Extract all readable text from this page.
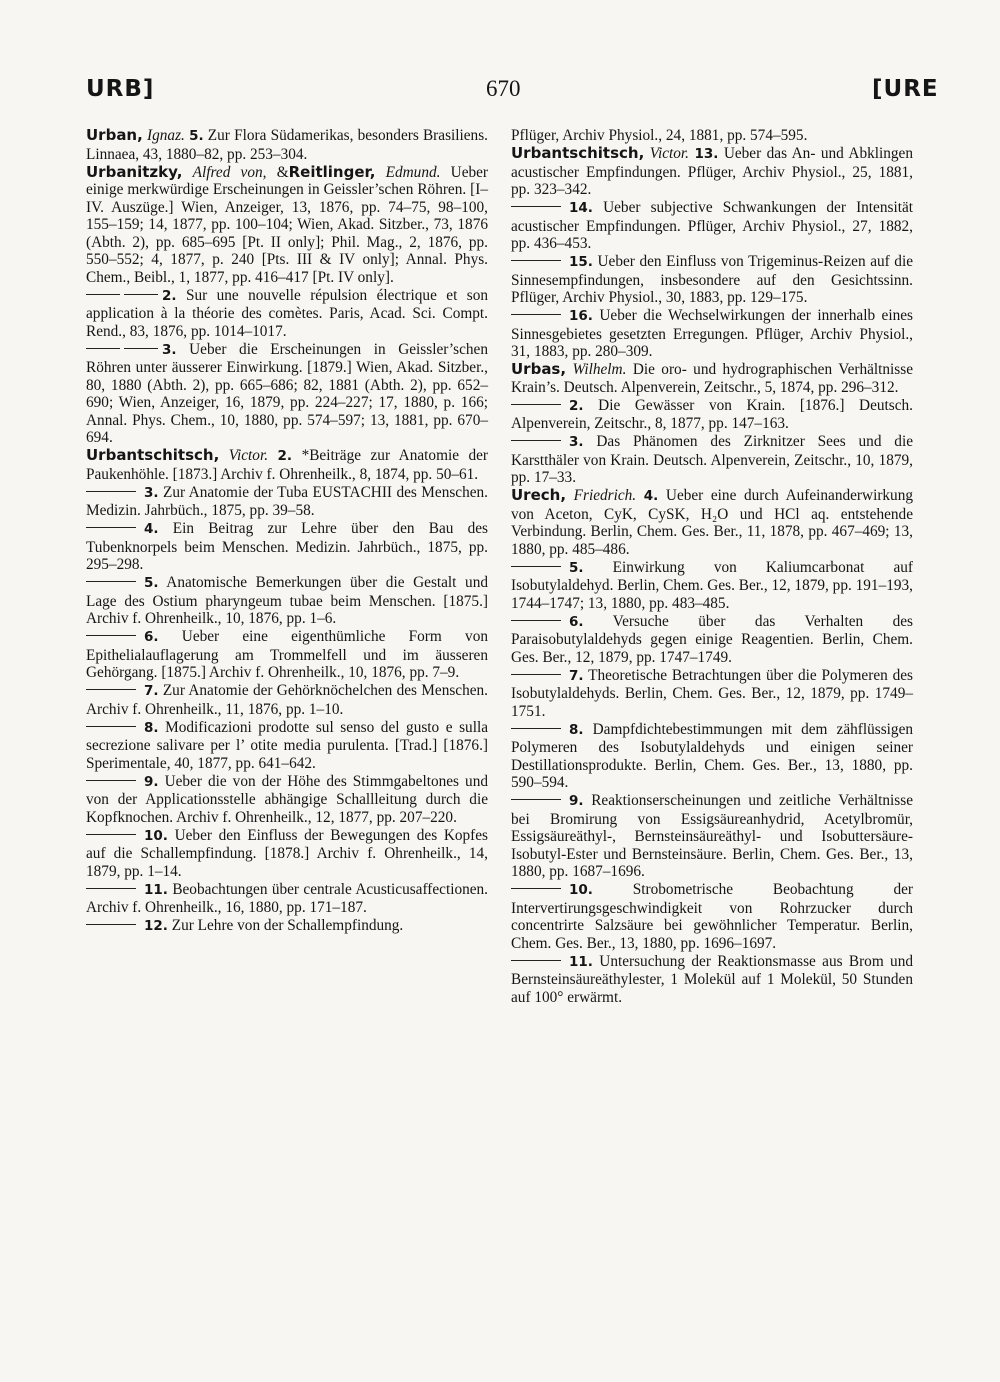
URB]	670	[URE
Urban, Ignaz. 5. Zur Flora Südamerikas, besonders Brasiliens. Linnaea, 43, 1880–82, pp. 253–304.
Urbanitzky, Alfred von, &Reitlinger, Edmund. Ueber einige merkwürdige Erscheinungen in Geissler’schen Röhren. [I–IV. Auszüge.] Wien, Anzeiger, 13, 1876, pp. 74–75, 98–100, 155–159; 14, 1877, pp. 100–104; Wien, Akad. Sitzber., 73, 1876 (Abth. 2), pp. 685–695 [Pt. II only]; Phil. Mag., 2, 1876, pp. 550–552; 4, 1877, p. 240 [Pts. III & IV only]; Annal. Phys. Chem., Beibl., 1, 1877, pp. 416–417 [Pt. IV only].
2. Sur une nouvelle répulsion électrique et son application à la théorie des comètes. Paris, Acad. Sci. Compt. Rend., 83, 1876, pp. 1014–1017.
3. Ueber die Erscheinungen in Geissler’schen Röhren unter äusserer Einwirkung. [1879.] Wien, Akad. Sitzber., 80, 1880 (Abth. 2), pp. 665–686; 82, 1881 (Abth. 2), pp. 652–690; Wien, Anzeiger, 16, 1879, pp. 224–227; 17, 1880, p. 166; Annal. Phys. Chem., 10, 1880, pp. 574–597; 13, 1881, pp. 670–694.
Urbantschitsch, Victor. 2. *Beiträge zur Anatomie der Paukenhöhle. [1873.] Archiv f. Ohrenheilk., 8, 1874, pp. 50–61.
3. Zur Anatomie der Tuba EUSTACHII des Menschen. Medizin. Jahrbüch., 1875, pp. 39–58.
4. Ein Beitrag zur Lehre über den Bau des Tubenknorpels beim Menschen. Medizin. Jahrbüch., 1875, pp. 295–298.
5. Anatomische Bemerkungen über die Gestalt und Lage des Ostium pharyngeum tubae beim Menschen. [1875.] Archiv f. Ohrenheilk., 10, 1876, pp. 1–6.
6. Ueber eine eigenthümliche Form von Epithelialauflagerung am Trommelfell und im äusseren Gehörgang. [1875.] Archiv f. Ohrenheilk., 10, 1876, pp. 7–9.
7. Zur Anatomie der Gehörknöchelchen des Menschen. Archiv f. Ohrenheilk., 11, 1876, pp. 1–10.
8. Modificazioni prodotte sul senso del gusto e sulla secrezione salivare per l’ otite media purulenta. [Trad.] [1876.] Sperimentale, 40, 1877, pp. 641–642.
9. Ueber die von der Höhe des Stimmgabeltones und von der Applicationsstelle abhängige Schallleitung durch die Kopfknochen. Archiv f. Ohrenheilk., 12, 1877, pp. 207–220.
10. Ueber den Einfluss der Bewegungen des Kopfes auf die Schallempfindung. [1878.] Archiv f. Ohrenheilk., 14, 1879, pp. 1–14.
11. Beobachtungen über centrale Acusticusaffectionen. Archiv f. Ohrenheilk., 16, 1880, pp. 171–187.
12. Zur Lehre von der Schallempfindung.
Pflüger, Archiv Physiol., 24, 1881, pp. 574–595.
Urbantschitsch, Victor. 13. Ueber das An- und Abklingen acustischer Empfindungen. Pflüger, Archiv Physiol., 25, 1881, pp. 323–342.
14. Ueber subjective Schwankungen der Intensität acustischer Empfindungen. Pflüger, Archiv Physiol., 27, 1882, pp. 436–453.
15. Ueber den Einfluss von Trigeminus-Reizen auf die Sinnesempfindungen, insbesondere auf den Gesichtssinn. Pflüger, Archiv Physiol., 30, 1883, pp. 129–175.
16. Ueber die Wechselwirkungen der innerhalb eines Sinnesgebietes gesetzten Erregungen. Pflüger, Archiv Physiol., 31, 1883, pp. 280–309.
Urbas, Wilhelm. Die oro- und hydrographischen Verhältnisse Krain’s. Deutsch. Alpenverein, Zeitschr., 5, 1874, pp. 296–312.
2. Die Gewässer von Krain. [1876.] Deutsch. Alpenverein, Zeitschr., 8, 1877, pp. 147–163.
3. Das Phänomen des Zirknitzer Sees und die Karstthäler von Krain. Deutsch. Alpenverein, Zeitschr., 10, 1879, pp. 17–33.
Urech, Friedrich. 4. Ueber eine durch Aufeinanderwirkung von Aceton, CyK, CySK, H₂O und HCl aq. entstehende Verbindung. Berlin, Chem. Ges. Ber., 11, 1878, pp. 467–469; 13, 1880, pp. 485–486.
5. Einwirkung von Kaliumcarbonat auf Isobutylaldehyd. Berlin, Chem. Ges. Ber., 12, 1879, pp. 191–193, 1744–1747; 13, 1880, pp. 483–485.
6. Versuche über das Verhalten des Paraisobutylaldehyds gegen einige Reagentien. Berlin, Chem. Ges. Ber., 12, 1879, pp. 1747–1749.
7. Theoretische Betrachtungen über die Polymeren des Isobutylaldehyds. Berlin, Chem. Ges. Ber., 12, 1879, pp. 1749–1751.
8. Dampfdichtebestimmungen mit dem zähflüssigen Polymeren des Isobutylaldehyds und einigen seiner Destillationsprodukte. Berlin, Chem. Ges. Ber., 13, 1880, pp. 590–594.
9. Reaktionserscheinungen und zeitliche Verhältnisse bei Bromirung von Essigsäureanhydrid, Acetylbromür, Essigsäureäthyl-, Bernsteinsäureäthyl- und Isobuttersäure-Isobutyl-Ester und Bernsteinsäure. Berlin, Chem. Ges. Ber., 13, 1880, pp. 1687–1696.
10.	Strobometrische Beobachtung der Intervertirungsgeschwindigkeit von Rohrzucker durch concentrirte Salzsäure bei gewöhnlicher Temperatur. Berlin, Chem. Ges. Ber., 13, 1880, pp. 1696–1697.
11. Untersuchung der Reaktionsmasse aus Brom und Bernsteinsäureäthylester, 1 Molekül auf 1 Molekül, 50 Stunden auf 100° erwärmt.
